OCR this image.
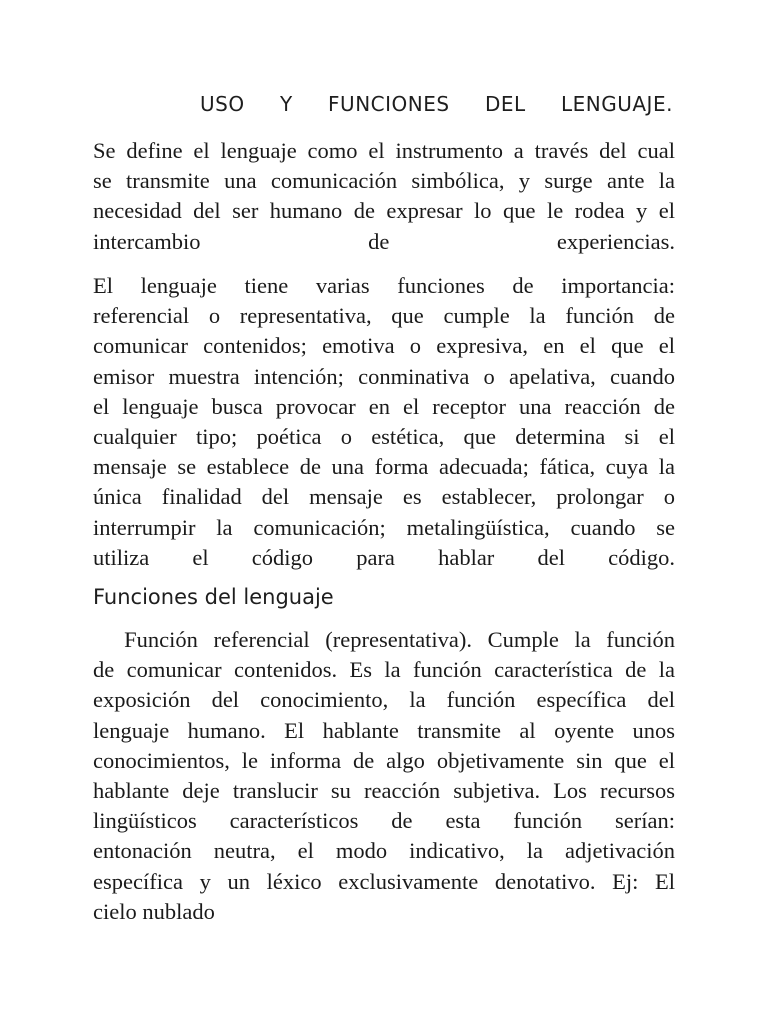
USO Y FUNCIONES DEL LENGUAJE.

Se define el lenguaje como el instrumento a través del cual
se transmite una comunicación simbólica, y surge ante la
necesidad del ser humano de expresar lo que le rodea y el
intercambio de experiencias.

El lenguaje tiene varias funciones de importancia:
referencial o representativa, que cumple la función de
comunicar contenidos; emotiva o expresiva, en el que el
emisor muestra intención; conminativa o apelativa, cuando
el lenguaje busca provocar en el receptor una reacción de
cualquier tipo; poética o estética, que determina si el
mensaje se establece de una forma adecuada; fática, cuya la
única finalidad del mensaje es establecer, prolongar o
interrumpir la comunicación; metalingüística, cuando se
utiliza el código para hablar del código.

Funciones del lenguaje

Función referencial (representativa). Cumple la función
de comunicar contenidos. Es la función característica de la
exposición del conocimiento, la función específica del
lenguaje humano. El hablante transmite al oyente unos
conocimientos, le informa de algo objetivamente sin que el
hablante deje translucir su reacción subjetiva. Los recursos
lingüísticos característicos de esta función serían:
entonación neutra, el modo indicativo, la adjetivación
específica y un léxico exclusivamente denotativo. Ej: El
cielo nublado
